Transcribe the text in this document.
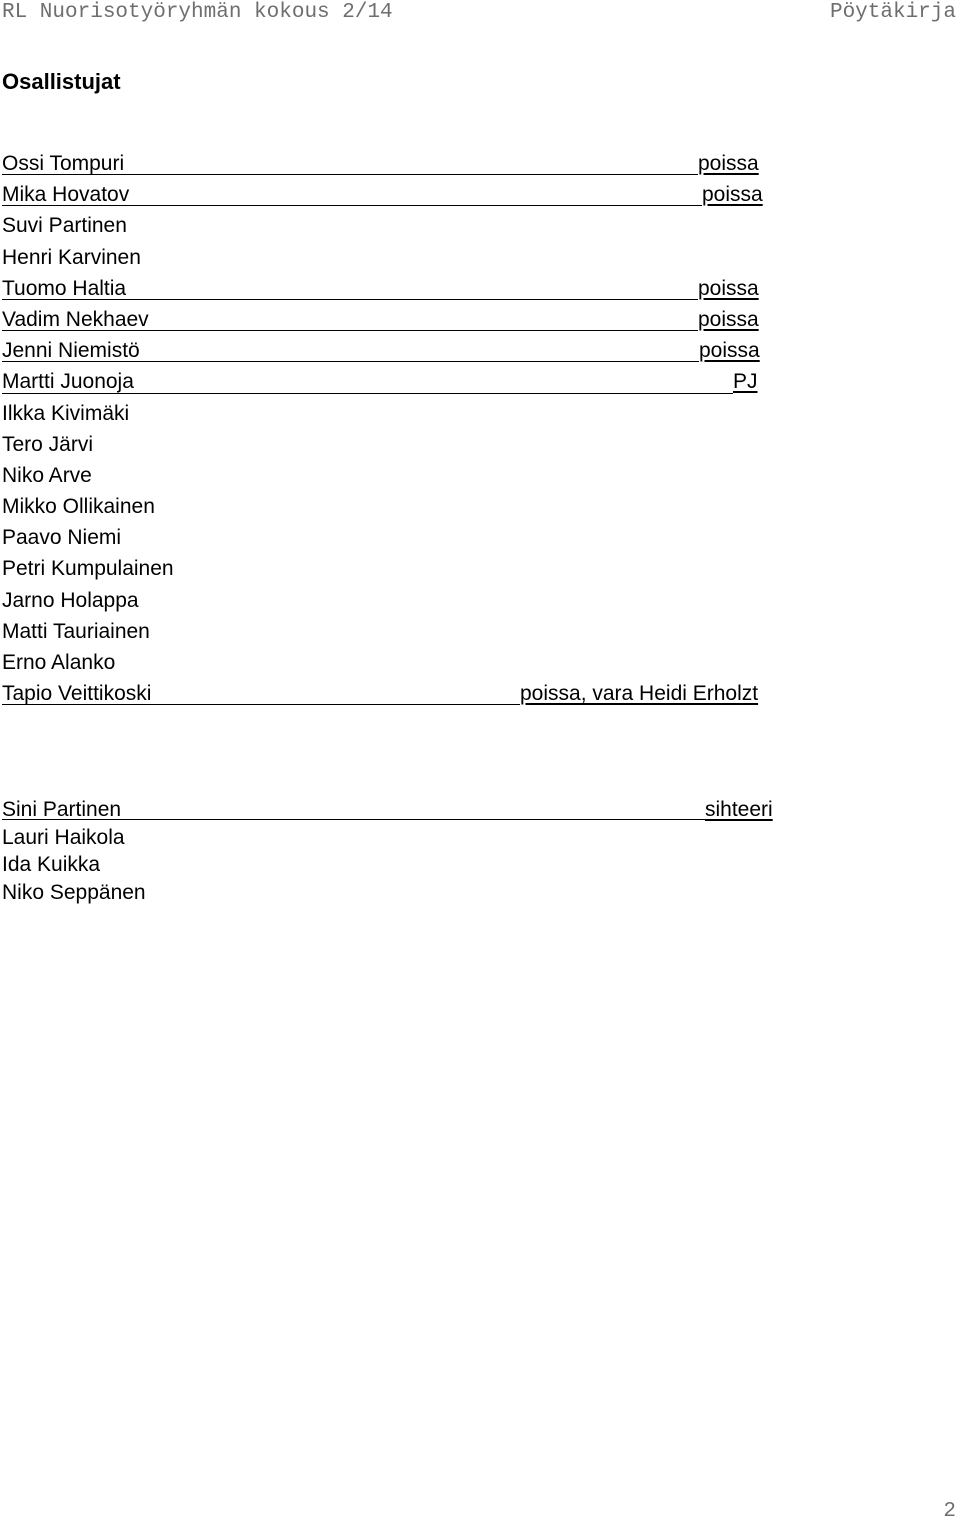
RL Nuorisotyöryhmän kokous 2/14	Pöytäkirja
Osallistujat
Ossi Tompuri	poissa
Mika Hovatov	poissa
Suvi Partinen
Henri Karvinen
Tuomo Haltia	poissa
Vadim Nekhaev	poissa
Jenni Niemistö	poissa
Martti Juonoja	PJ
Ilkka Kivimäki
Tero Järvi
Niko Arve
Mikko Ollikainen
Paavo Niemi
Petri Kumpulainen
Jarno Holappa
Matti Tauriainen
Erno Alanko
Tapio Veittikoski	poissa, vara Heidi Erholzt
Sini Partinen	sihteeri
Lauri Haikola
Ida Kuikka
Niko Seppänen
2
